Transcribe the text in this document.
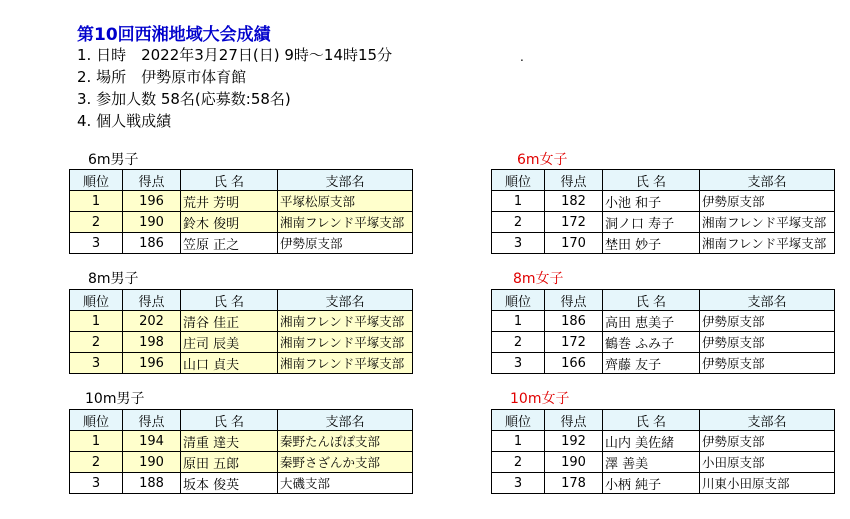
第10回西湘地域大会成績
1. 日時　2022年3月27日(日) 9時～14時15分
2. 場所　伊勢原市体育館
3. 参加人数 58名(応募数:58名)
4. 個人戦成績
.
6m男子
順位	得点	氏 名	支部名
1	196	荒井 芳明	平塚松原支部
2	190	鈴木 俊明	湘南フレンド平塚支部
3	186	笠原 正之	伊勢原支部
6m女子
順位	得点	氏 名	支部名
1	182	小池 和子	伊勢原支部
2	172	洞ノ口 寿子	湘南フレンド平塚支部
3	170	埜田 妙子	湘南フレンド平塚支部
8m男子
順位	得点	氏 名	支部名
1	202	清谷 佳正	湘南フレンド平塚支部
2	198	庄司 辰美	湘南フレンド平塚支部
3	196	山口 貞夫	湘南フレンド平塚支部
8m女子
順位	得点	氏 名	支部名
1	186	高田 恵美子	伊勢原支部
2	172	鶴巻 ふみ子	伊勢原支部
3	166	齊藤 友子	伊勢原支部
10m男子
順位	得点	氏 名	支部名
1	194	清重 達夫	秦野たんぽぽ支部
2	190	原田 五郎	秦野さざんか支部
3	188	坂本 俊英	大磯支部
10m女子
順位	得点	氏 名	支部名
1	192	山内 美佐緒	伊勢原支部
2	190	澤 善美	小田原支部
3	178	小柄 純子	川東小田原支部
